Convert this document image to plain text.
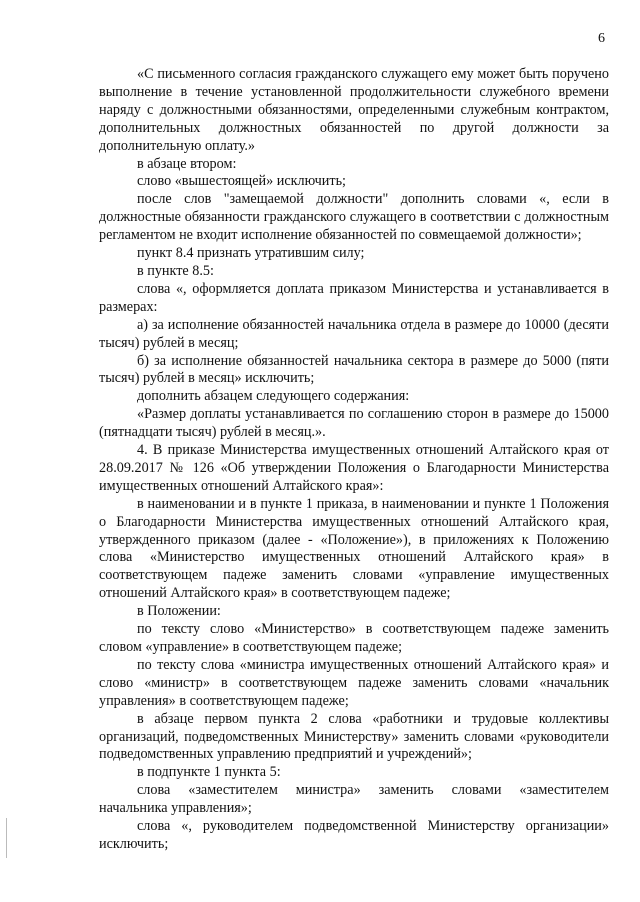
6

«С письменного согласия гражданского служащего ему может быть поручено выполнение в течение установленной продолжительности служебного времени наряду с должностными обязанностями, определенными служебным контрактом, дополнительных должностных обязанностей по другой должности за дополнительную оплату.»

в абзаце втором:

слово «вышестоящей» исключить;

после слов "замещаемой должности" дополнить словами «, если в должностные обязанности гражданского служащего в соответствии с должностным регламентом не входит исполнение обязанностей по совмещаемой должности»;

пункт 8.4 признать утратившим силу;

в пункте 8.5:

слова «, оформляется доплата приказом Министерства и устанавливается в размерах:

а) за исполнение обязанностей начальника отдела в размере до 10000 (десяти тысяч) рублей в месяц;

б) за исполнение обязанностей начальника сектора в размере до 5000 (пяти тысяч) рублей в месяц» исключить;

дополнить абзацем следующего содержания:

«Размер доплаты устанавливается по соглашению сторон в размере до 15000 (пятнадцати тысяч) рублей в месяц.».

4. В приказе Министерства имущественных отношений Алтайского края от 28.09.2017 № 126 «Об утверждении Положения о Благодарности Министерства имущественных отношений Алтайского края»:

в наименовании и в пункте 1 приказа, в наименовании и пункте 1 Положения о Благодарности Министерства имущественных отношений Алтайского края, утвержденного приказом (далее - «Положение»), в приложениях к Положению слова «Министерство имущественных отношений Алтайского края» в соответствующем падеже заменить словами «управление имущественных отношений Алтайского края» в соответствующем падеже;

в Положении:

по тексту слово «Министерство» в соответствующем падеже заменить словом «управление» в соответствующем падеже;

по тексту слова «министра имущественных отношений Алтайского края» и слово «министр» в соответствующем падеже заменить словами «начальник управления» в соответствующем падеже;

в абзаце первом пункта 2 слова «работники и трудовые коллективы организаций, подведомственных Министерству» заменить словами «руководители подведомственных управлению предприятий и учреждений»;

в подпункте 1 пункта 5:

слова «заместителем министра» заменить словами «заместителем начальника управления»;

слова «, руководителем подведомственной Министерству организации» исключить;
